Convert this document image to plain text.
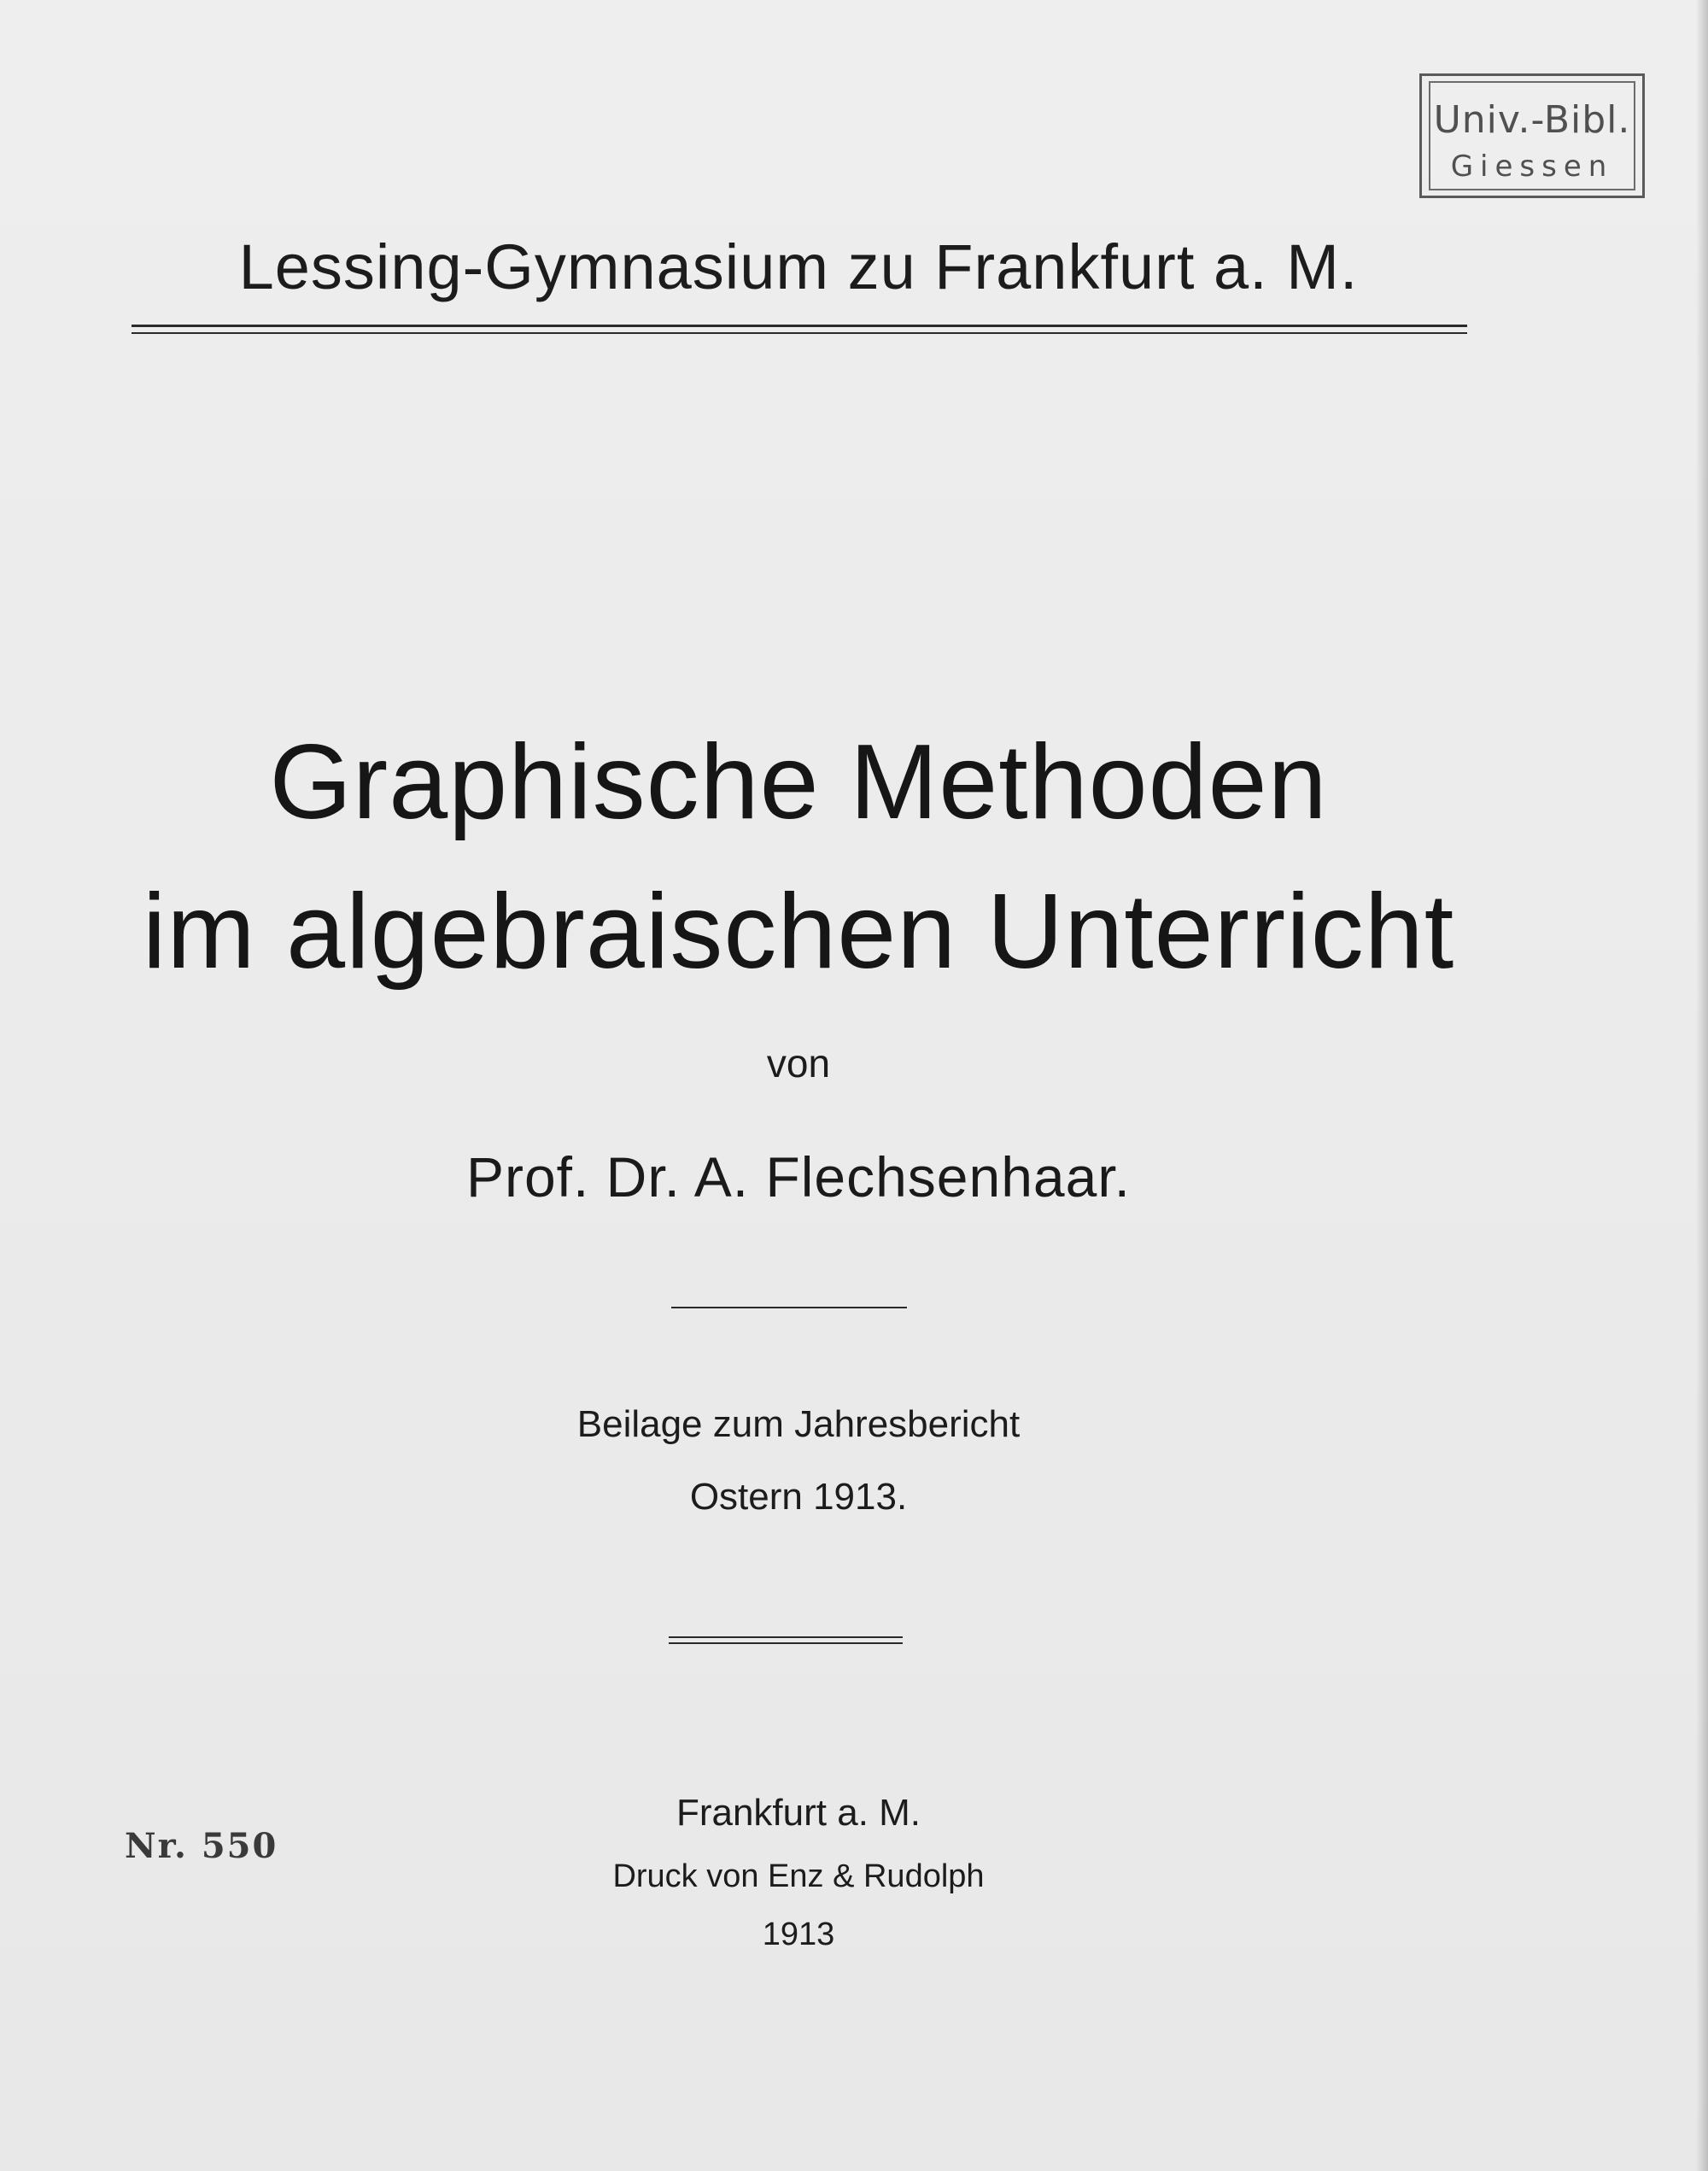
Univ.-Bibl.
Giessen
Lessing-Gymnasium zu Frankfurt a. M.
Graphische Methoden
im algebraischen Unterricht
von
Prof. Dr. A. Flechsenhaar.
Beilage zum Jahresbericht
Ostern 1913.
Nr. 550
Frankfurt a. M.
Druck von Enz & Rudolph
1913
